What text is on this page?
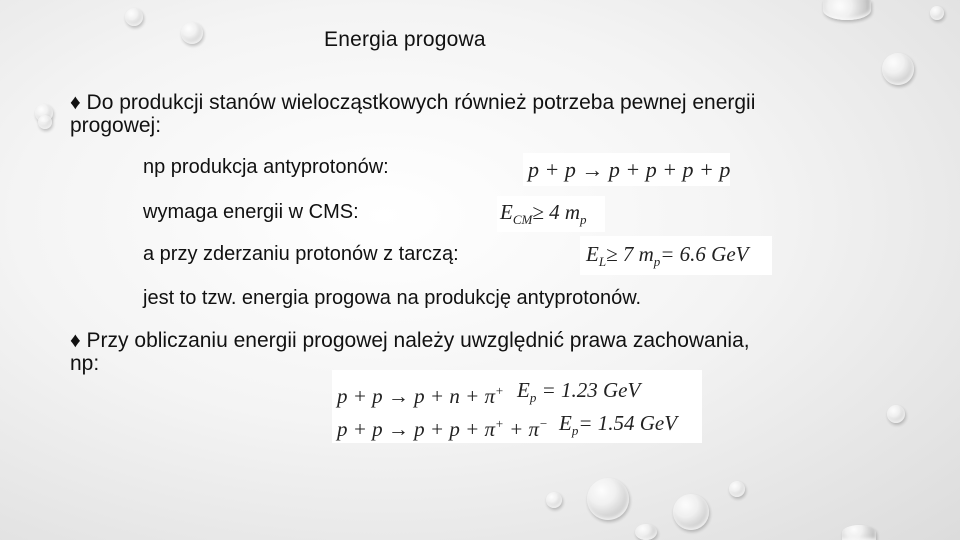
Energia progowa
♦ Do produkcji stanów wielocząstkowych również potrzeba pewnej energii progowej:
np produkcja antyprotonów:
wymaga energii w CMS:
a przy zderzaniu protonów z tarczą:
jest to tzw. energia progowa na produkcję antyprotonów.
♦ Przy obliczaniu energii progowej należy uwzględnić prawa zachowania, np:
p + p → p + p + p + p
$E_{CM}\ge 4$ $m_p$
$E_L\ge 7$ $m_p= 6.6$ GeV
p + p → p + n + π+ $E_p = 1.23$ GeV
p + p → p + p + π+ + π− $E_p= 1.54$ GeV
